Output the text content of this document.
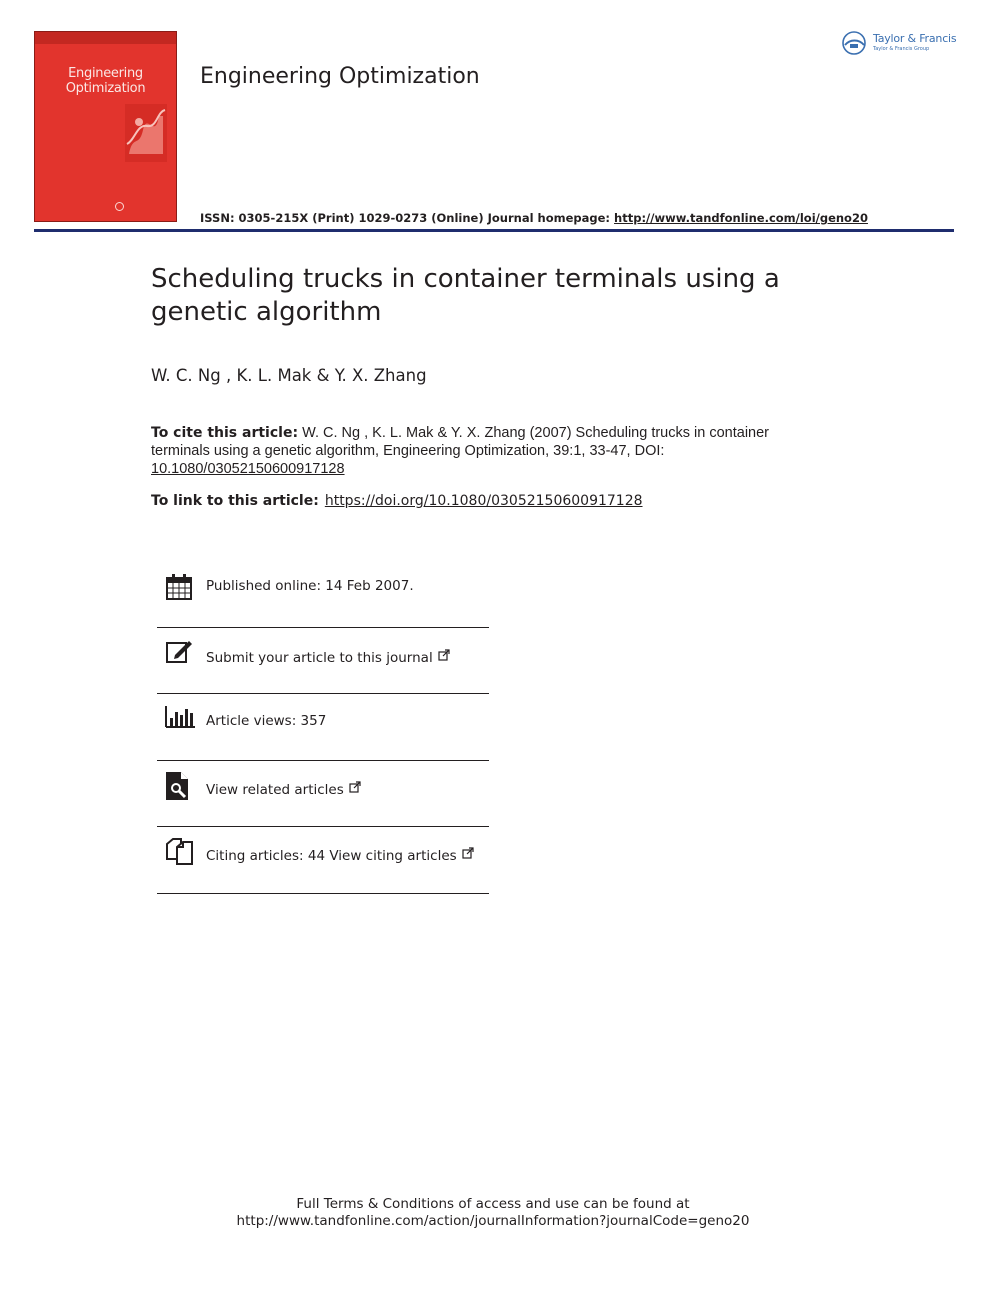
Engineering
Optimization	Engineering Optimization
ISSN: 0305-215X (Print) 1029-0273 (Online) Journal homepage: http://www.tandfonline.com/loi/geno20
Taylor & Francis
Taylor & Francis Group
Scheduling trucks in container terminals using a genetic algorithm
W. C. Ng , K. L. Mak & Y. X. Zhang
To cite this article: W. C. Ng , K. L. Mak & Y. X. Zhang (2007) Scheduling trucks in container terminals using a genetic algorithm, Engineering Optimization, 39:1, 33-47, DOI: 10.1080/03052150600917128
To link to this article: https://doi.org/10.1080/03052150600917128
Published online: 14 Feb 2007.
Submit your article to this journal
Article views: 357
View related articles
Citing articles: 44 View citing articles
Full Terms & Conditions of access and use can be found at
http://www.tandfonline.com/action/journalInformation?journalCode=geno20
